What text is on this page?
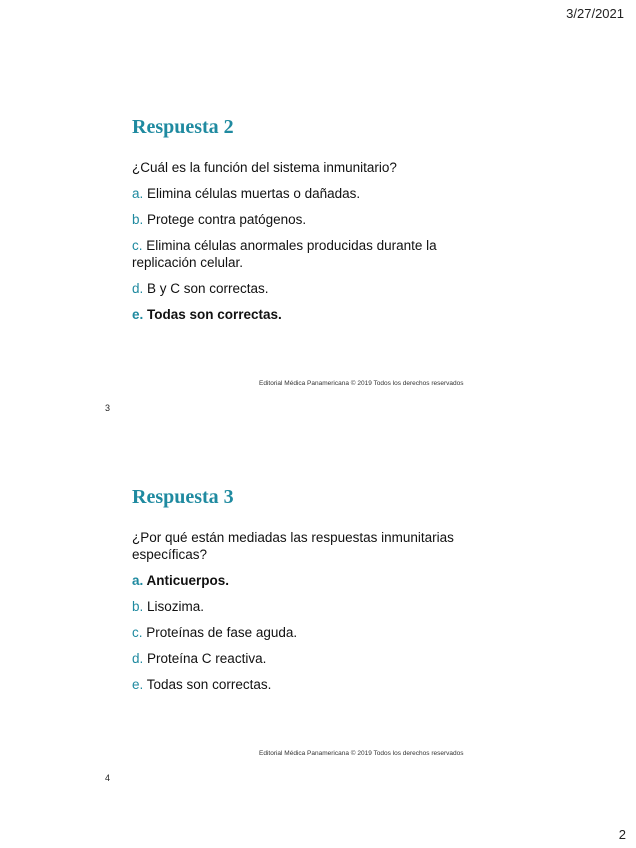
3/27/2021
Respuesta 2

¿Cuál es la función del sistema inmunitario?

a. Elimina células muertas o dañadas.

b. Protege contra patógenos.

c. Elimina células anormales producidas durante la replicación celular.

d. B y C son correctas.

e. Todas son correctas.

Editorial Médica Panamericana © 2019 Todos los derechos reservados
3
Respuesta 3

¿Por qué están mediadas las respuestas inmunitarias específicas?

a. Anticuerpos.

b. Lisozima.

c. Proteínas de fase aguda.

d. Proteína C reactiva.

e. Todas son correctas.

Editorial Médica Panamericana © 2019 Todos los derechos reservados
4
2
